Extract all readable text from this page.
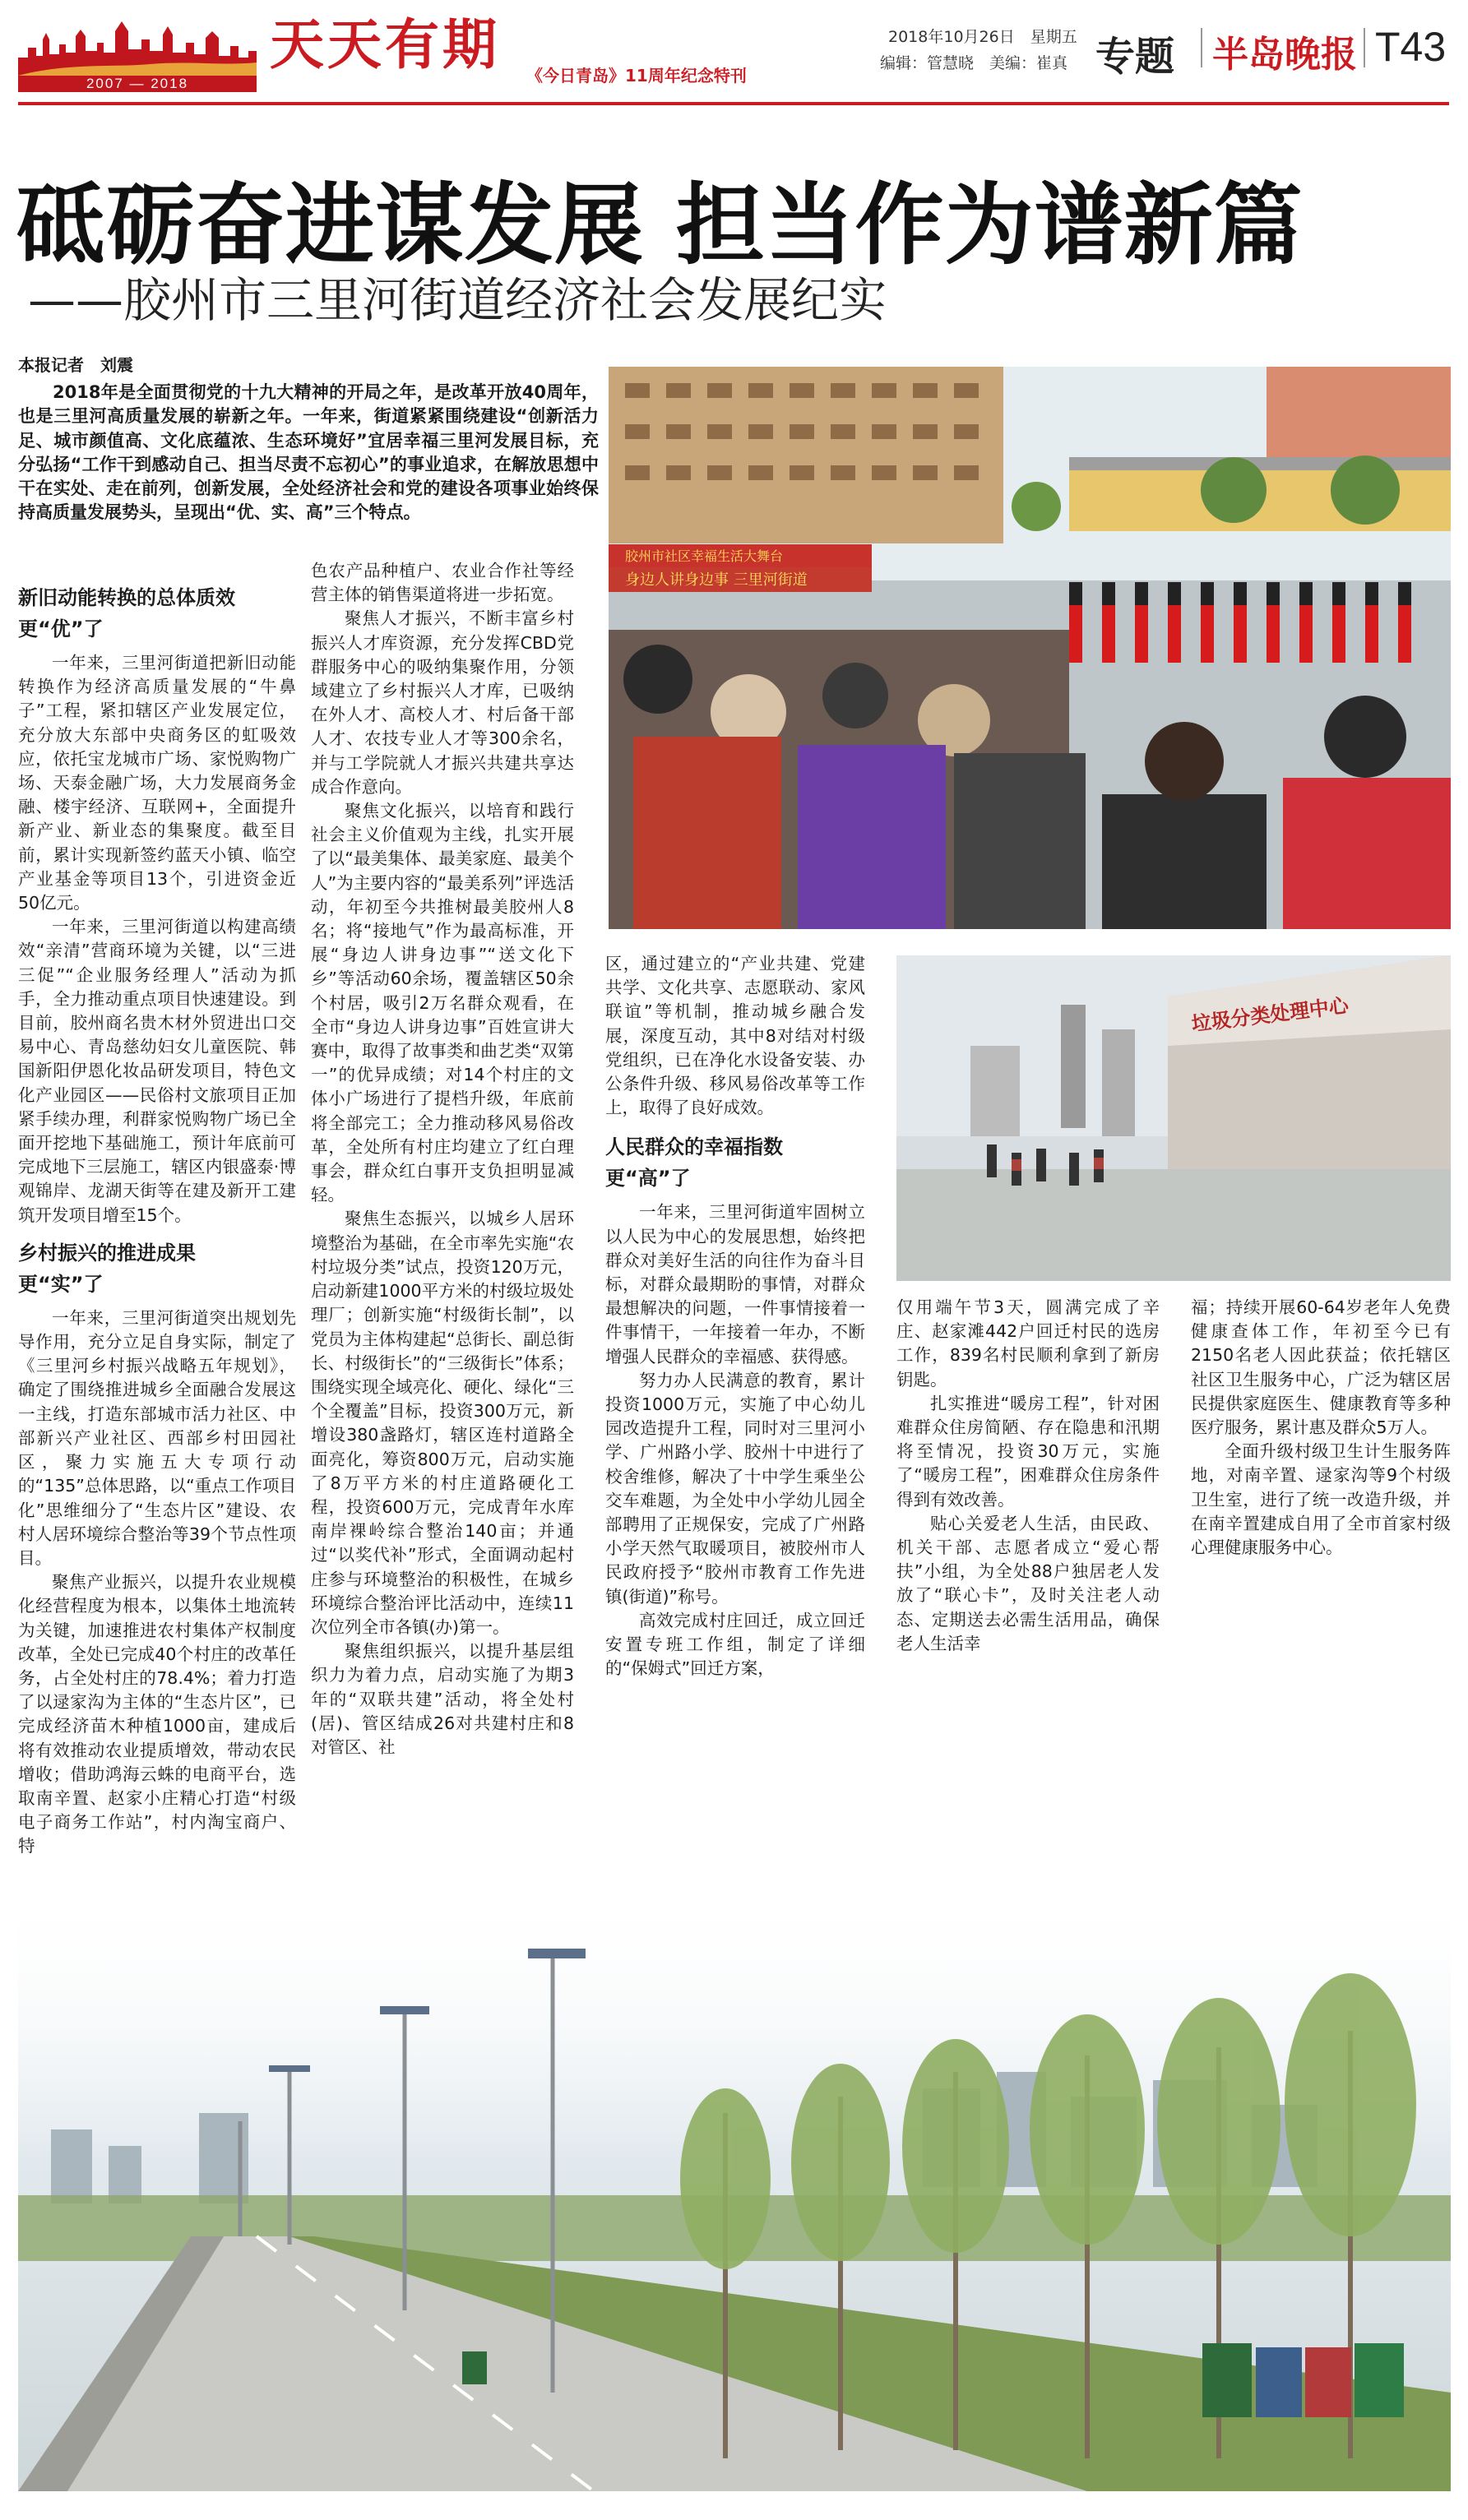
2007 — 2018
天天有期 《今日青岛》11周年纪念特刊
2018年10月26日　星期五
编辑：管慧晓　美编：崔真 专题 半岛晚报 T43
砥砺奋进谋发展 担当作为谱新篇
——胶州市三里河街道经济社会发展纪实
本报记者　刘震

2018年是全面贯彻党的十九大精神的开局之年，是改革开放40周年，也是三里河高质量发展的崭新之年。一年来，街道紧紧围绕建设“创新活力足、城市颜值高、文化底蕴浓、生态环境好”宜居幸福三里河发展目标，充分弘扬“工作干到感动自己、担当尽责不忘初心”的事业追求，在解放思想中干在实处、走在前列，创新发展，全处经济社会和党的建设各项事业始终保持高质量发展势头，呈现出“优、实、高”三个特点。

胶州市社区幸福生活大舞台
身边人讲身边事 三里河街道
新旧动能转换的总体质效
更“优”了

一年来，三里河街道把新旧动能转换作为经济高质量发展的“牛鼻子”工程，紧扣辖区产业发展定位，充分放大东部中央商务区的虹吸效应，依托宝龙城市广场、家悦购物广场、天泰金融广场，大力发展商务金融、楼宇经济、互联网+，全面提升新产业、新业态的集聚度。截至目前，累计实现新签约蓝天小镇、临空产业基金等项目13个，引进资金近50亿元。

一年来，三里河街道以构建高绩效“亲清”营商环境为关键，以“三进三促”“企业服务经理人”活动为抓手，全力推动重点项目快速建设。到目前，胶州商名贵木材外贸进出口交易中心、青岛慈幼妇女儿童医院、韩国新阳伊恩化妆品研发项目，特色文化产业园区——民俗村文旅项目正加紧手续办理，利群家悦购物广场已全面开挖地下基础施工，预计年底前可完成地下三层施工，辖区内银盛泰·博观锦岸、龙湖天街等在建及新开工建筑开发项目增至15个。

乡村振兴的推进成果
更“实”了

一年来，三里河街道突出规划先导作用，充分立足自身实际，制定了《三里河乡村振兴战略五年规划》，确定了围绕推进城乡全面融合发展这一主线，打造东部城市活力社区、中部新兴产业社区、西部乡村田园社区，聚力实施五大专项行动的“135”总体思路，以“重点工作项目化”思维细分了“生态片区”建设、农村人居环境综合整治等39个节点性项目。

聚焦产业振兴，以提升农业规模化经营程度为根本，以集体土地流转为关键，加速推进农村集体产权制度改革，全处已完成40个村庄的改革任务，占全处村庄的78.4%；着力打造了以逯家沟为主体的“生态片区”，已完成经济苗木种植1000亩，建成后将有效推动农业提质增效，带动农民增收；借助鸿海云蛛的电商平台，选取南辛置、赵家小庄精心打造“村级电子商务工作站”，村内淘宝商户、特

色农产品种植户、农业合作社等经营主体的销售渠道将进一步拓宽。

聚焦人才振兴，不断丰富乡村振兴人才库资源，充分发挥CBD党群服务中心的吸纳集聚作用，分领域建立了乡村振兴人才库，已吸纳在外人才、高校人才、村后备干部人才、农技专业人才等300余名，并与工学院就人才振兴共建共享达成合作意向。

聚焦文化振兴，以培育和践行社会主义价值观为主线，扎实开展了以“最美集体、最美家庭、最美个人”为主要内容的“最美系列”评选活动，年初至今共推树最美胶州人8名；将“接地气”作为最高标准，开展“身边人讲身边事”“送文化下乡”等活动60余场，覆盖辖区50余个村居，吸引2万名群众观看，在全市“身边人讲身边事”百姓宣讲大赛中，取得了故事类和曲艺类“双第一”的优异成绩；对14个村庄的文体小广场进行了提档升级，年底前将全部完工；全力推动移风易俗改革，全处所有村庄均建立了红白理事会，群众红白事开支负担明显减轻。

聚焦生态振兴，以城乡人居环境整治为基础，在全市率先实施“农村垃圾分类”试点，投资120万元，启动新建1000平方米的村级垃圾处理厂；创新实施“村级街长制”，以党员为主体构建起“总街长、副总街长、村级街长”的“三级街长”体系；围绕实现全域亮化、硬化、绿化“三个全覆盖”目标，投资300万元，新增设380盏路灯，辖区连村道路全面亮化，筹资800万元，启动实施了8万平方米的村庄道路硬化工程，投资600万元，完成青年水库南岸裸岭综合整治140亩；并通过“以奖代补”形式，全面调动起村庄参与环境整治的积极性，在城乡环境综合整治评比活动中，连续11次位列全市各镇(办)第一。

聚焦组织振兴，以提升基层组织力为着力点，启动实施了为期3年的“双联共建”活动，将全处村(居)、管区结成26对共建村庄和8对管区、社

区，通过建立的“产业共建、党建共学、文化共享、志愿联动、家风联谊”等机制，推动城乡融合发展，深度互动，其中8对结对村级党组织，已在净化水设备安装、办公条件升级、移风易俗改革等工作上，取得了良好成效。

人民群众的幸福指数
更“高”了

一年来，三里河街道牢固树立以人民为中心的发展思想，始终把群众对美好生活的向往作为奋斗目标，对群众最期盼的事情，对群众最想解决的问题，一件事情接着一件事情干，一年接着一年办，不断增强人民群众的幸福感、获得感。

努力办人民满意的教育，累计投资1000万元，实施了中心幼儿园改造提升工程，同时对三里河小学、广州路小学、胶州十中进行了校舍维修，解决了十中学生乘坐公交车难题，为全处中小学幼儿园全部聘用了正规保安，完成了广州路小学天然气取暖项目，被胶州市人民政府授予“胶州市教育工作先进镇(街道)”称号。

高效完成村庄回迁，成立回迁安置专班工作组，制定了详细的“保姆式”回迁方案，

垃圾分类处理中心

仅用端午节3天，圆满完成了辛庄、赵家滩442户回迁村民的选房工作，839名村民顺利拿到了新房钥匙。

扎实推进“暖房工程”，针对困难群众住房简陋、存在隐患和汛期将至情况，投资30万元，实施了“暖房工程”，困难群众住房条件得到有效改善。

贴心关爱老人生活，由民政、机关干部、志愿者成立“爱心帮扶”小组，为全处88户独居老人发放了“联心卡”，及时关注老人动态、定期送去必需生活用品，确保老人生活幸

福；持续开展60-64岁老年人免费健康查体工作，年初至今已有2150名老人因此获益；依托辖区社区卫生服务中心，广泛为辖区居民提供家庭医生、健康教育等多种医疗服务，累计惠及群众5万人。

全面升级村级卫生计生服务阵地，对南辛置、逯家沟等9个村级卫生室，进行了统一改造升级，并在南辛置建成自用了全市首家村级心理健康服务中心。
